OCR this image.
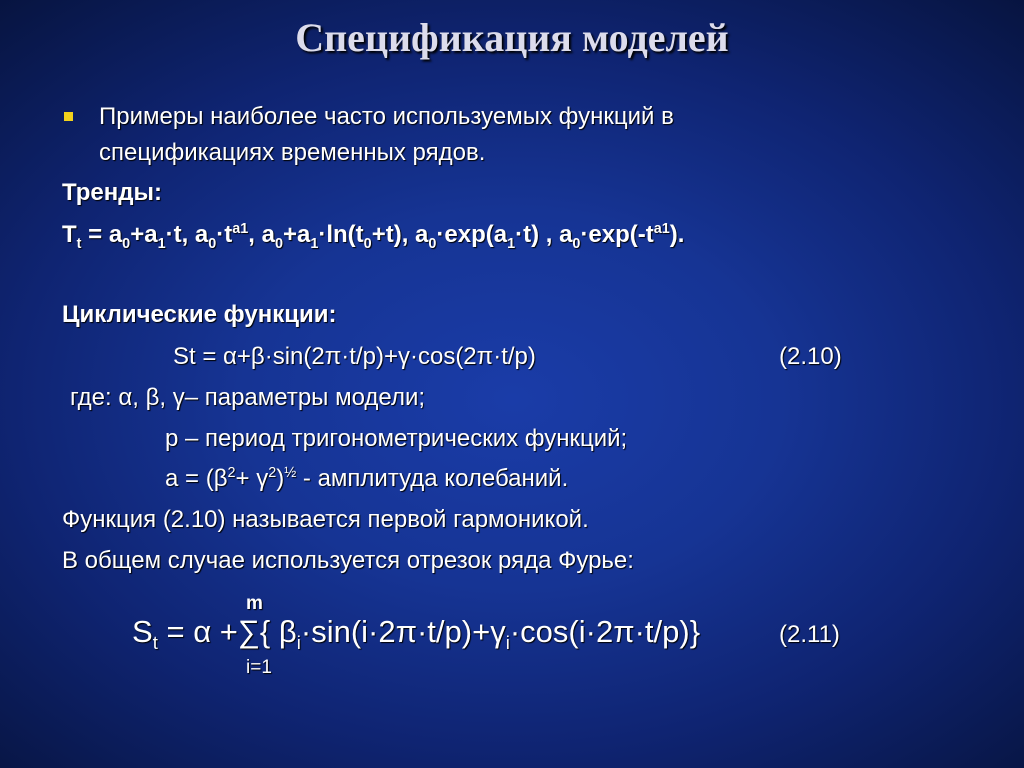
Спецификация моделей
Примеры наиболее часто используемых функций в
спецификациях временных рядов.
Тренды:
$T_t = a_0+a_1\cdot t$, $a_0\cdot t^{a1}$, $a_0+a_1\cdot\ln(t_0+t)$, $a_0\cdot\exp(a_1\cdot t)$ , $a_0\cdot\exp(-t^{a1})$.
Циклические функции:
St = α+β·sin(2π·t/p)+γ·cos(2π·t/p)	(2.10)
где: α, β, γ– параметры модели;
p – период тригонометрических функций;
$a = (\beta^2+ \gamma^2)^{\frac{1}{2}}$ - амплитуда колебаний.
Функция (2.10) называется первой гармоникой.
В общем случае используется отрезок ряда Фурье:
m
$S_t = \alpha$ +∑{ $\beta_i\cdot\sin(i\cdot 2\pi\cdot t/p)+\gamma_i\cdot\cos(i\cdot 2\pi\cdot t/p)$}	(2.11)
i=1
